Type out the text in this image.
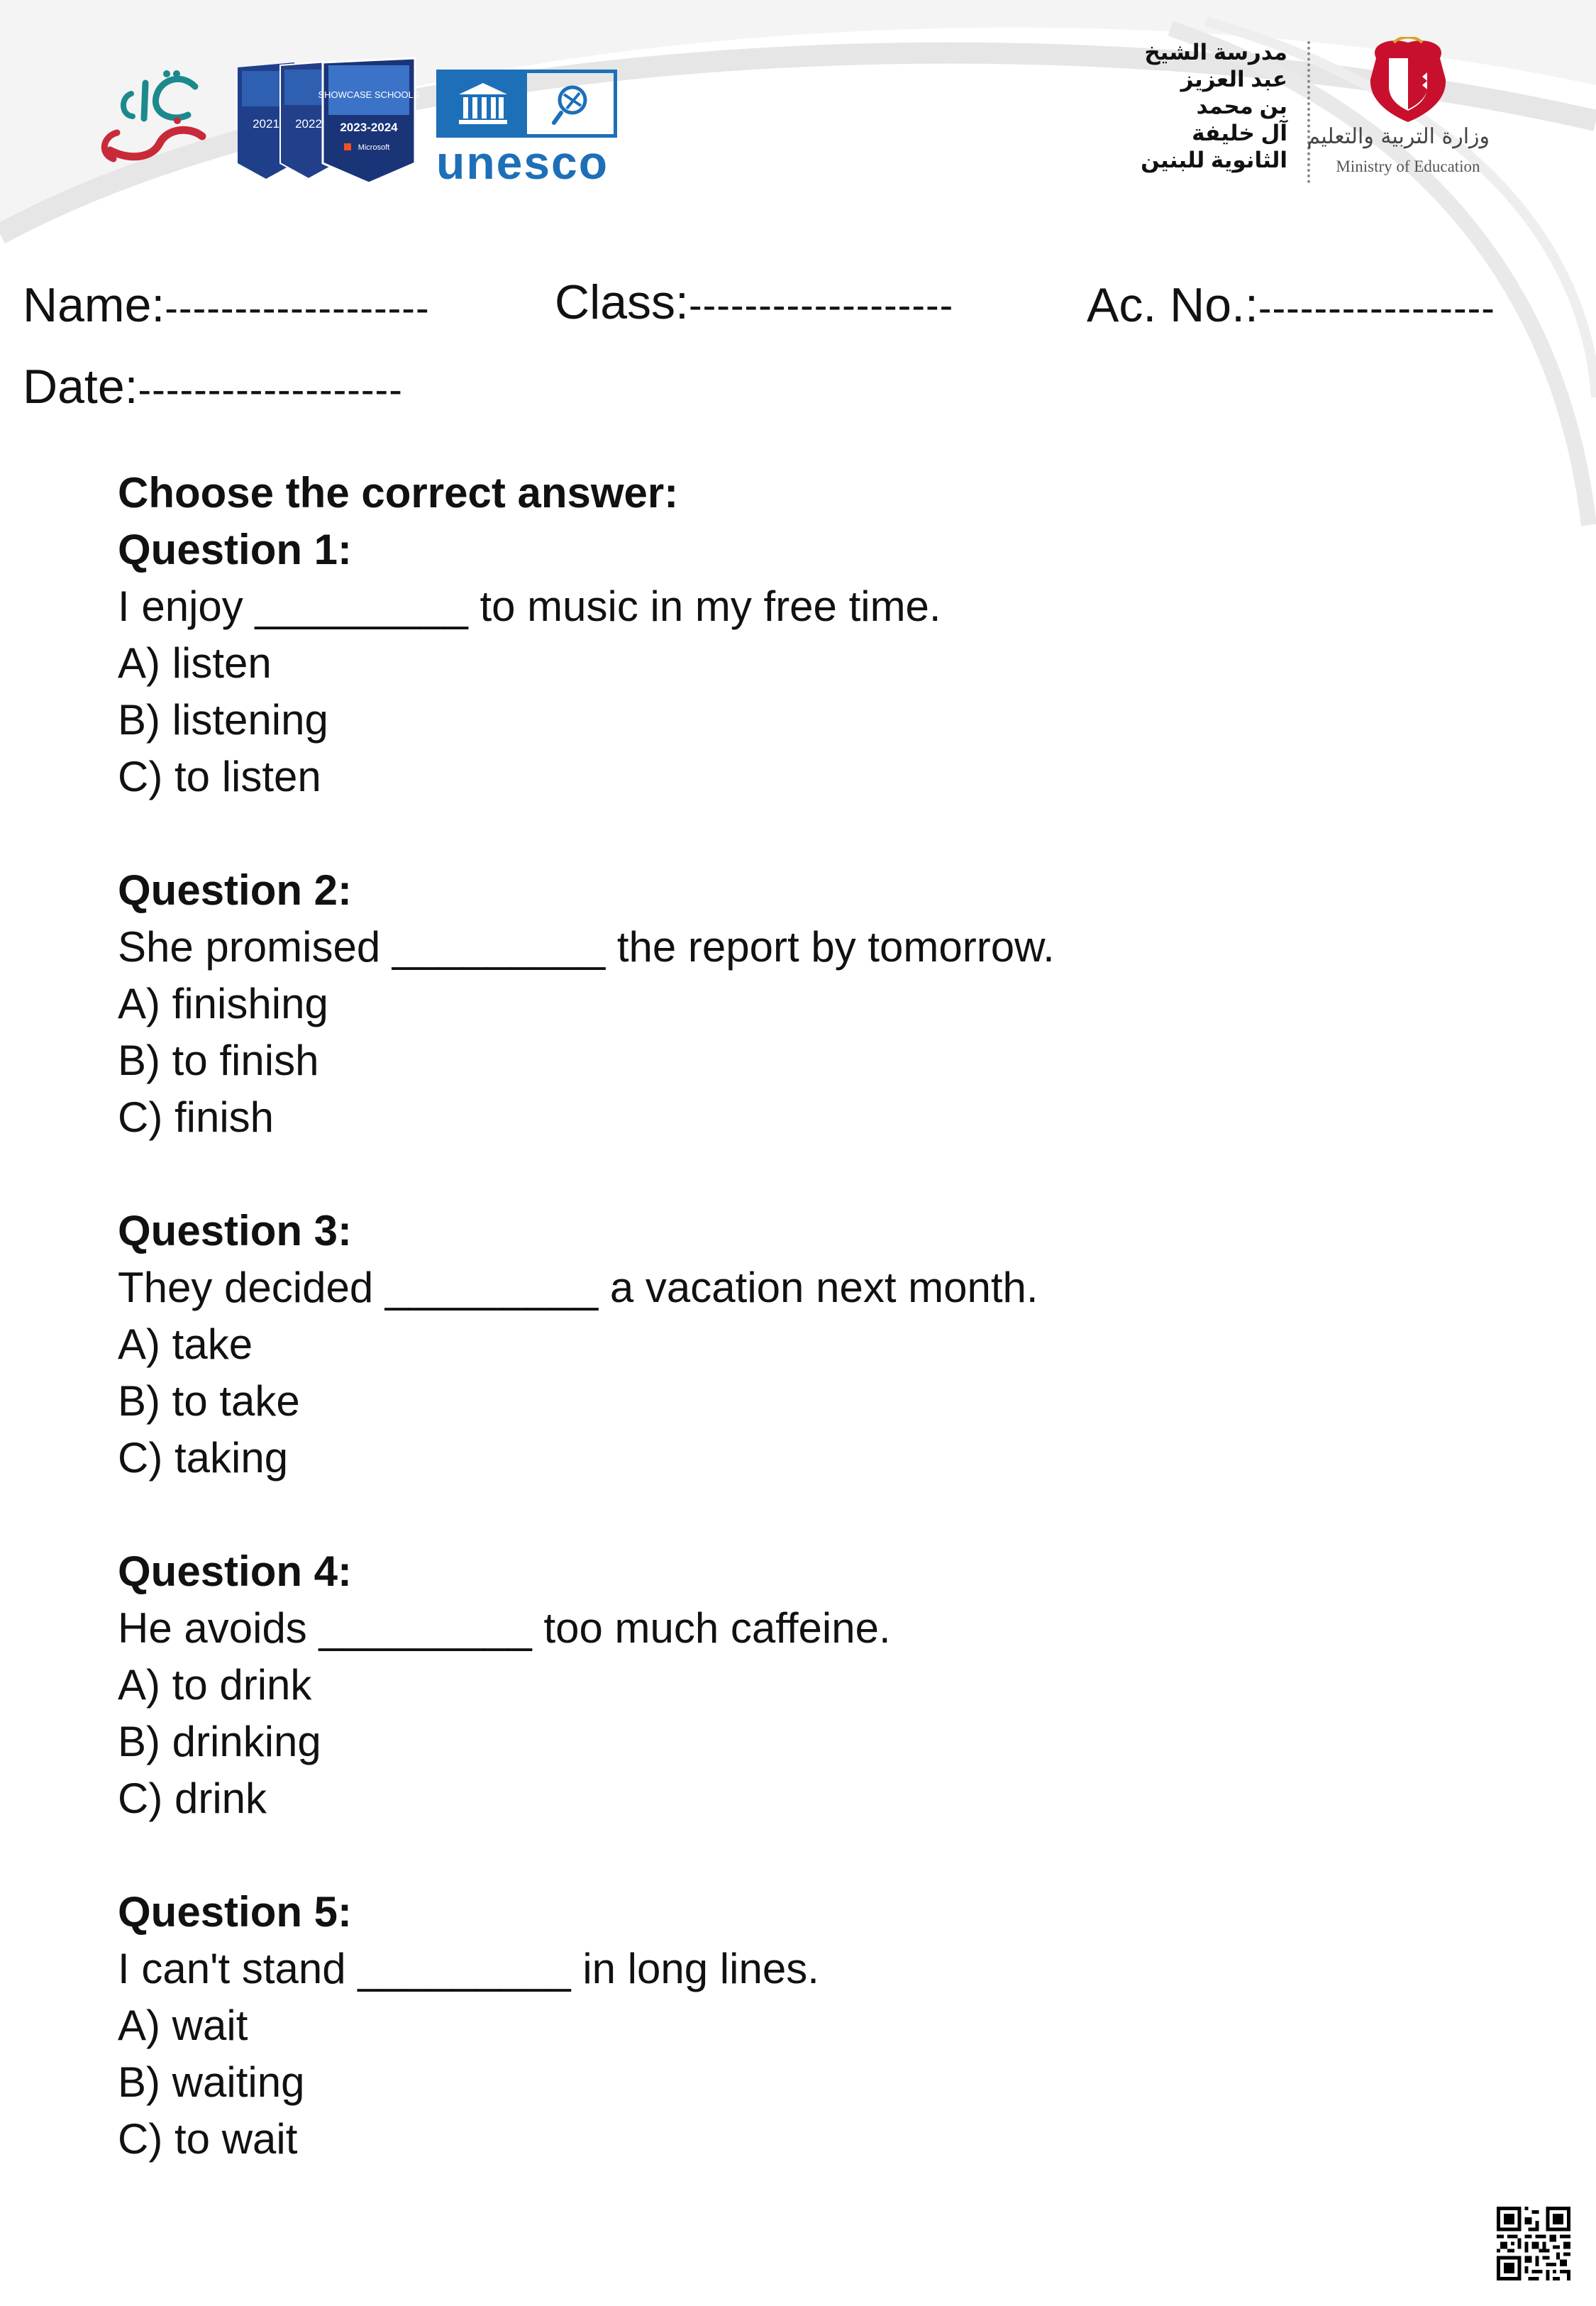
2021 2022
SHOWCASE SCHOOLS
2023-2024
Microsoft unesco
مدرسة الشيخ
عبد العزيز
بن محمد
آل خليفة
الثانوية للبنين
وزارة التربية والتعليم
Ministry of Education
Name:-------------------	Class:-------------------	Ac. No.:-----------------
Date:-------------------
Choose the correct answer:
Question 1:
I enjoy _________ to music in my free time.
A) listen
B) listening
C) to listen
Question 2:
She promised _________ the report by tomorrow.
A) finishing
B) to finish
C) finish
Question 3:
They decided _________ a vacation next month.
A) take
B) to take
C) taking
Question 4:
He avoids _________ too much caffeine.
A) to drink
B) drinking
C) drink
Question 5:
I can't stand _________ in long lines.
A) wait
B) waiting
C) to wait
